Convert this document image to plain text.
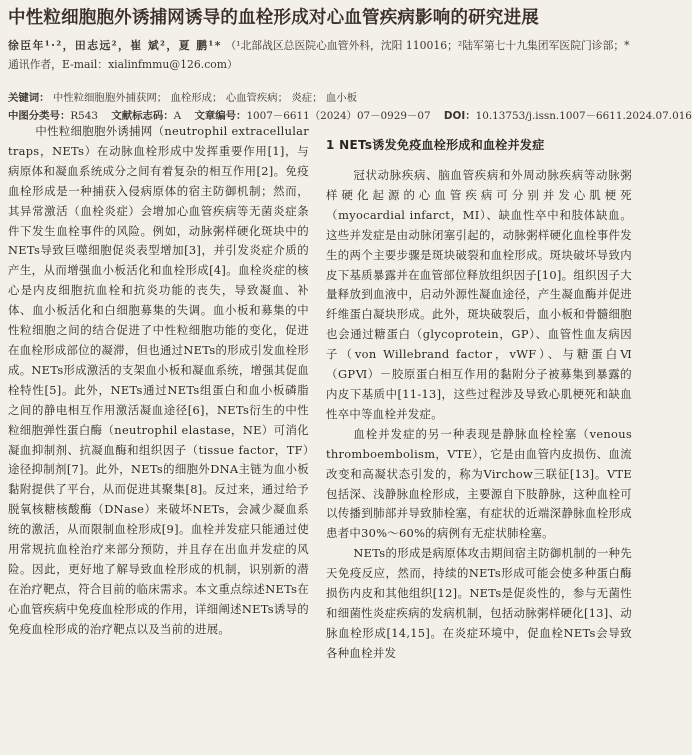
中性粒细胞胞外诱捕网诱导的血栓形成对心血管疾病影响的研究进展
徐臣年¹·²，田志远²，崔 斌²，夏 鹏¹* （¹北部战区总医院心血管外科，沈阳 110016；²陆军第七十九集团军医院门诊部；*通讯作者，E-mail：xialinfmmu@126.com）
关键词： 中性粒细胞胞外捕获网； 血栓形成； 心血管疾病； 炎症； 血小板
中图分类号：R543 文献标志码：A 文章编号：1007－6611（2024）07－0929－07 DOI：10.13753/j.issn.1007－6611.2024.07.016

中性粒细胞胞外诱捕网（neutrophil extracellular traps，NETs）在动脉血栓形成中发挥重要作用[1]，与病原体和凝血系统成分之间有着复杂的相互作用[2]。免疫血栓形成是一种捕获入侵病原体的宿主防御机制；然而，其异常激活（血栓炎症）会增加心血管疾病等无菌炎症条件下发生血栓事件的风险。例如，动脉粥样硬化斑块中的NETs导致巨噬细胞促炎表型增加[3]，并引发炎症介质的产生，从而增强血小板活化和血栓形成[4]。血栓炎症的核心是内皮细胞抗血栓和抗炎功能的丧失，导致凝血、补体、血小板活化和白细胞募集的失调。血小板和募集的中性粒细胞之间的结合促进了中性粒细胞功能的变化，促进在血栓形成部位的凝滞，但也通过NETs的形成引发血栓形成。NETs形成激活的支架血小板和凝血系统，增强其促血栓特性[5]。此外，NETs通过NETs组蛋白和血小板磷脂之间的静电相互作用激活凝血途径[6]，NETs衍生的中性粒细胞弹性蛋白酶（neutrophil elastase，NE）可消化凝血抑制剂、抗凝血酶和组织因子（tissue factor，TF）途径抑制剂[7]。此外，NETs的细胞外DNA主链为血小板黏附提供了平台，从而促进其聚集[8]。反过来，通过给予脱氧核糖核酸酶（DNase）来破坏NETs，会减少凝血系统的激活，从而限制血栓形成[9]。血栓并发症只能通过使用常规抗血栓治疗来部分预防，并且存在出血并发症的风险。因此，更好地了解导致血栓形成的机制，识别新的潜在治疗靶点，符合目前的临床需求。本文重点综述NETs在心血管疾病中免疫血栓形成的作用，详细阐述NETs诱导的免疫血栓形成的治疗靶点以及当前的进展。

1 NETs诱发免疫血栓形成和血栓并发症

冠状动脉疾病、脑血管疾病和外周动脉疾病等动脉粥样硬化起源的心血管疾病可分别并发心肌梗死（myocardial infarct，MI）、缺血性卒中和肢体缺血。这些并发症是由动脉闭塞引起的，动脉粥样硬化血栓事件发生的两个主要步骤是斑块破裂和血栓形成。斑块破坏导致内皮下基质暴露并在血管部位释放组织因子[10]。组织因子大量释放到血液中，启动外源性凝血途径，产生凝血酶并促进纤维蛋白凝块形成。此外，斑块破裂后，血小板和骨髓细胞也会通过糖蛋白（glycoprotein，GP）、血管性血友病因子（von Willebrand factor，vWF）、与糖蛋白Ⅵ（GPⅥ）－胶原蛋白相互作用的黏附分子被募集到暴露的内皮下基质中[11-13]，这些过程涉及导致心肌梗死和缺血性卒中等血栓并发症。

血栓并发症的另一种表现是静脉血栓栓塞（venous thromboembolism，VTE），它是由血管内皮损伤、血流改变和高凝状态引发的，称为Virchow三联征[13]。VTE包括深、浅静脉血栓形成，主要源自下肢静脉，这种血栓可以传播到肺部并导致肺栓塞，有症状的近端深静脉血栓形成患者中30%～60%的病例有无症状肺栓塞。

NETs的形成是病原体攻击期间宿主防御机制的一种先天免疫反应，然而，持续的NETs形成可能会使多种蛋白酶损伤内皮和其他组织[12]。NETs是促炎性的，参与无菌性和细菌性炎症疾病的发病机制，包括动脉粥样硬化[13]、动脉血栓形成[14,15]。在炎症环境中，促血栓NETs会导致各种血栓并发
